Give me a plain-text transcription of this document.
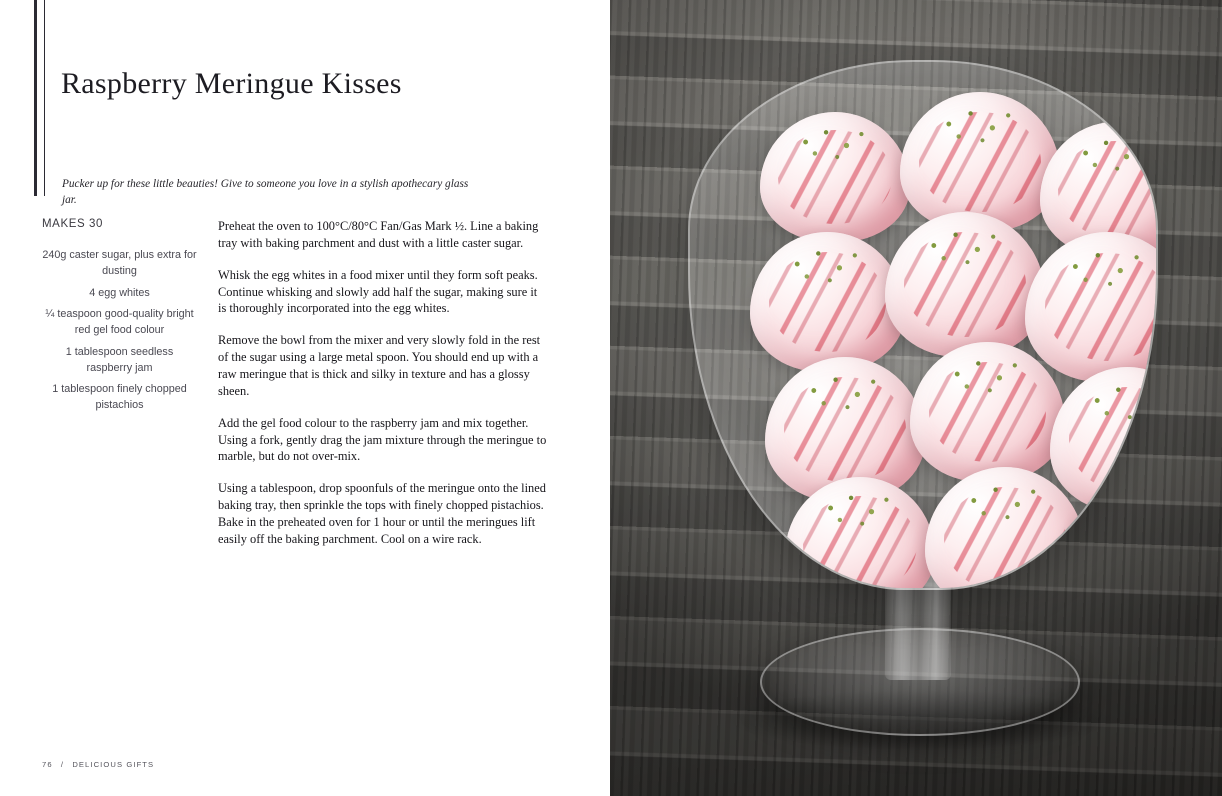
Raspberry Meringue Kisses

Pucker up for these little beauties! Give to someone you love in a stylish apothecary glass jar.

MAKES 30
240g caster sugar, plus extra for dusting
4 egg whites
¼ teaspoon good-quality bright red gel food colour
1 tablespoon seedless raspberry jam
1 tablespoon finely chopped pistachios

Preheat the oven to 100°C/80°C Fan/Gas Mark ½. Line a baking tray with baking parchment and dust with a little caster sugar.

Whisk the egg whites in a food mixer until they form soft peaks. Continue whisking and slowly add half the sugar, making sure it is thoroughly incorporated into the egg whites.

Remove the bowl from the mixer and very slowly fold in the rest of the sugar using a large metal spoon. You should end up with a raw meringue that is thick and silky in texture and has a glossy sheen.

Add the gel food colour to the raspberry jam and mix together. Using a fork, gently drag the jam mixture through the meringue to marble, but do not over-mix.

Using a tablespoon, drop spoonfuls of the meringue onto the lined baking tray, then sprinkle the tops with finely chopped pistachios. Bake in the preheated oven for 1 hour or until the meringues lift easily off the baking parchment. Cool on a wire rack.

76 / DELICIOUS GIFTS
